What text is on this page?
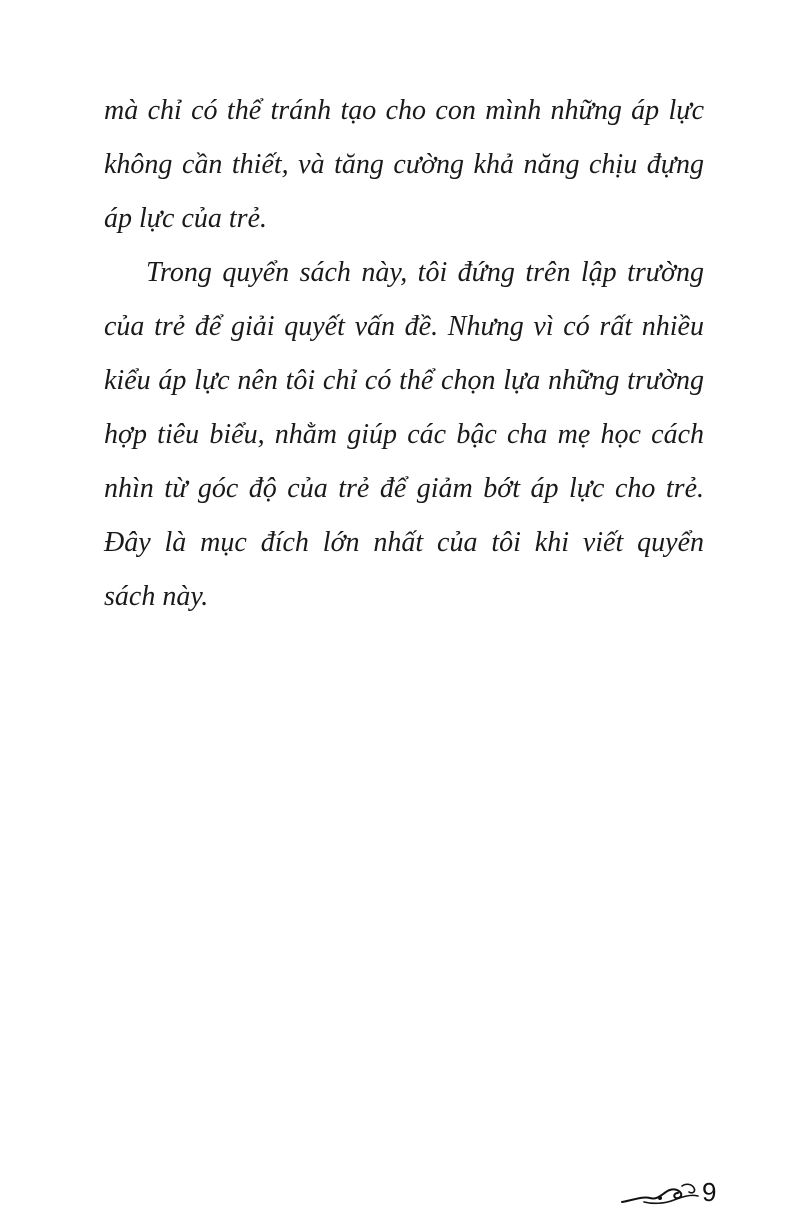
mà chỉ có thể tránh tạo cho con mình những áp lực
không cần thiết, và tăng cường khả năng chịu đựng
áp lực của trẻ.
Trong quyển sách này, tôi đứng trên lập trường
của trẻ để giải quyết vấn đề. Nhưng vì có rất nhiều
kiểu áp lực nên tôi chỉ có thể chọn lựa những trường
hợp tiêu biểu, nhằm giúp các bậc cha mẹ học cách
nhìn từ góc độ của trẻ để giảm bớt áp lực cho trẻ.
Đây là mục đích lớn nhất của tôi khi viết quyển
sách này.
9
